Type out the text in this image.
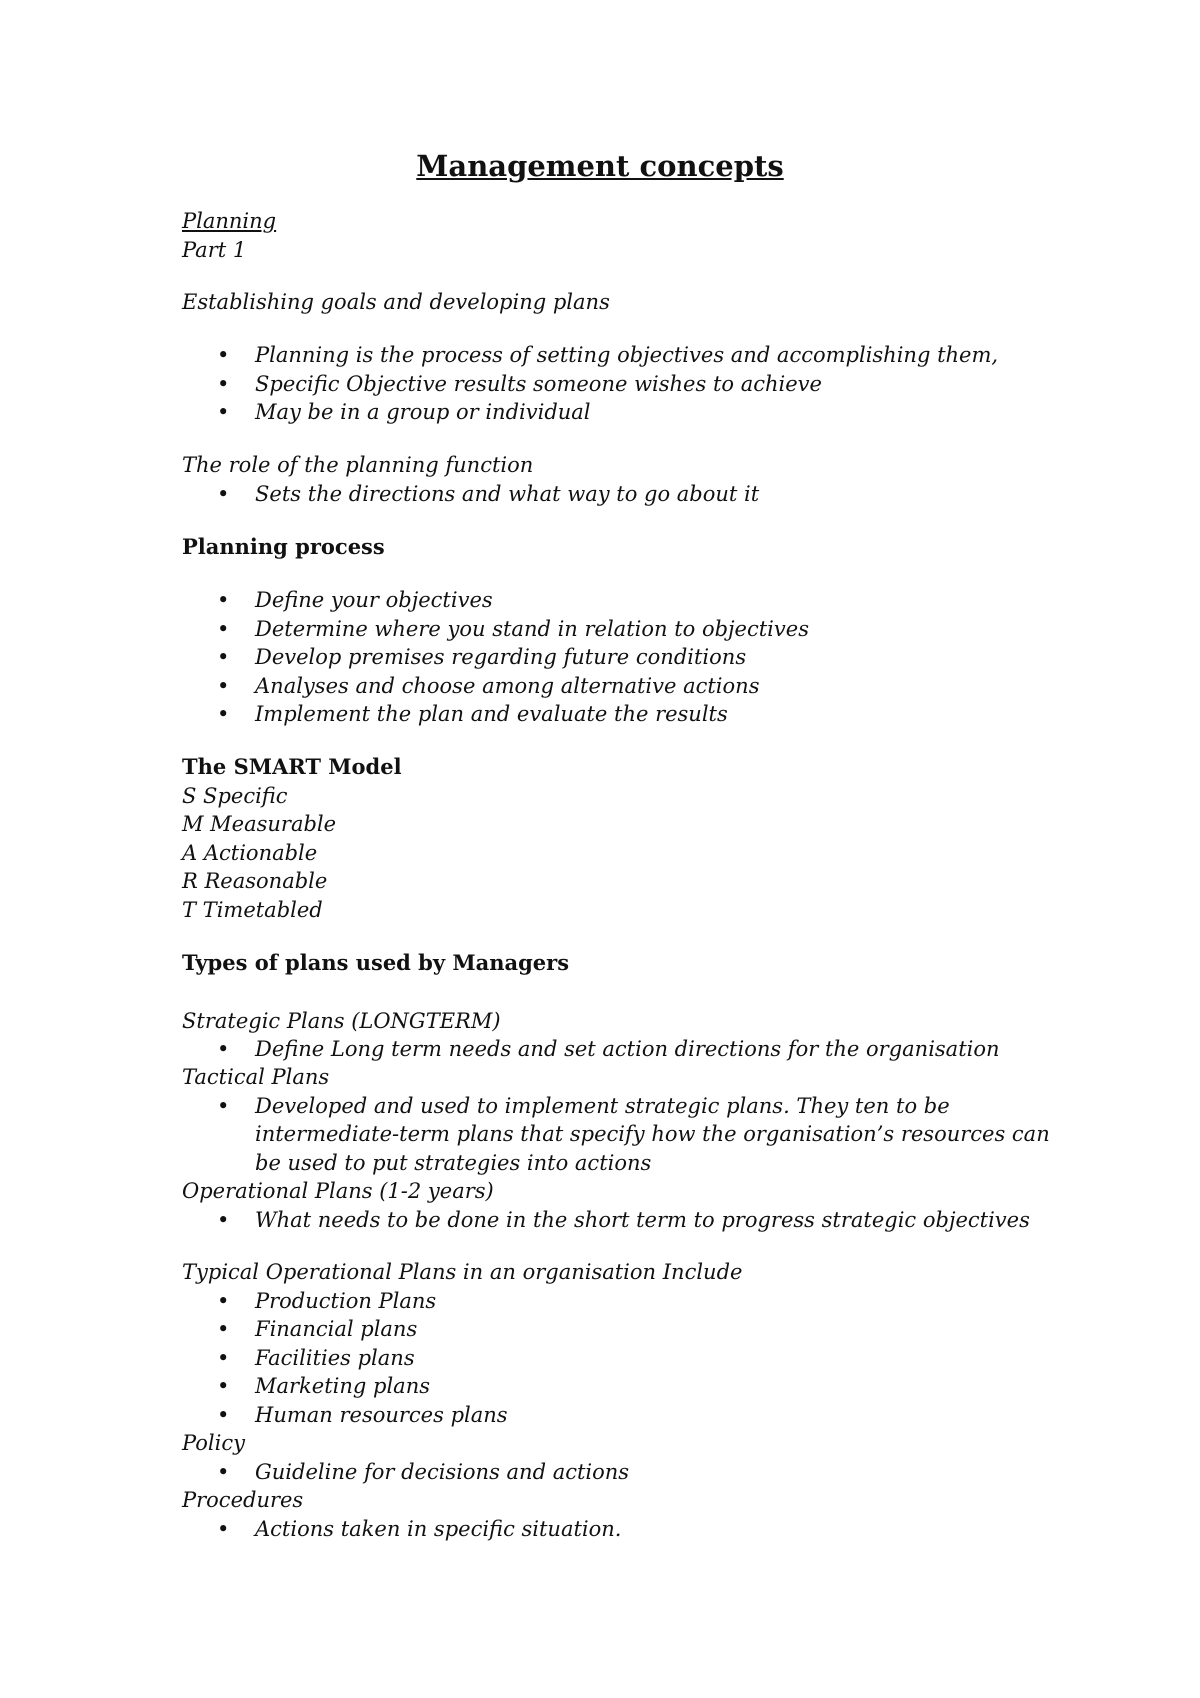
Management concepts
Planning
Part 1
Establishing goals and developing plans
• Planning is the process of setting objectives and accomplishing them,
• Specific Objective results someone wishes to achieve
• May be in a group or individual
The role of the planning function
• Sets the directions and what way to go about it
Planning process
• Define your objectives
• Determine where you stand in relation to objectives
• Develop premises regarding future conditions
• Analyses and choose among alternative actions
• Implement the plan and evaluate the results
The SMART Model
S Specific
M Measurable
A Actionable
R Reasonable
T Timetabled
Types of plans used by Managers
Strategic Plans (LONGTERM)
• Define Long term needs and set action directions for the organisation
Tactical Plans
• Developed and used to implement strategic plans. They ten to be
intermediate-term plans that specify how the organisation’s resources can
be used to put strategies into actions
Operational Plans (1-2 years)
• What needs to be done in the short term to progress strategic objectives
Typical Operational Plans in an organisation Include
• Production Plans
• Financial plans
• Facilities plans
• Marketing plans
• Human resources plans
Policy
• Guideline for decisions and actions
Procedures
• Actions taken in specific situation.
